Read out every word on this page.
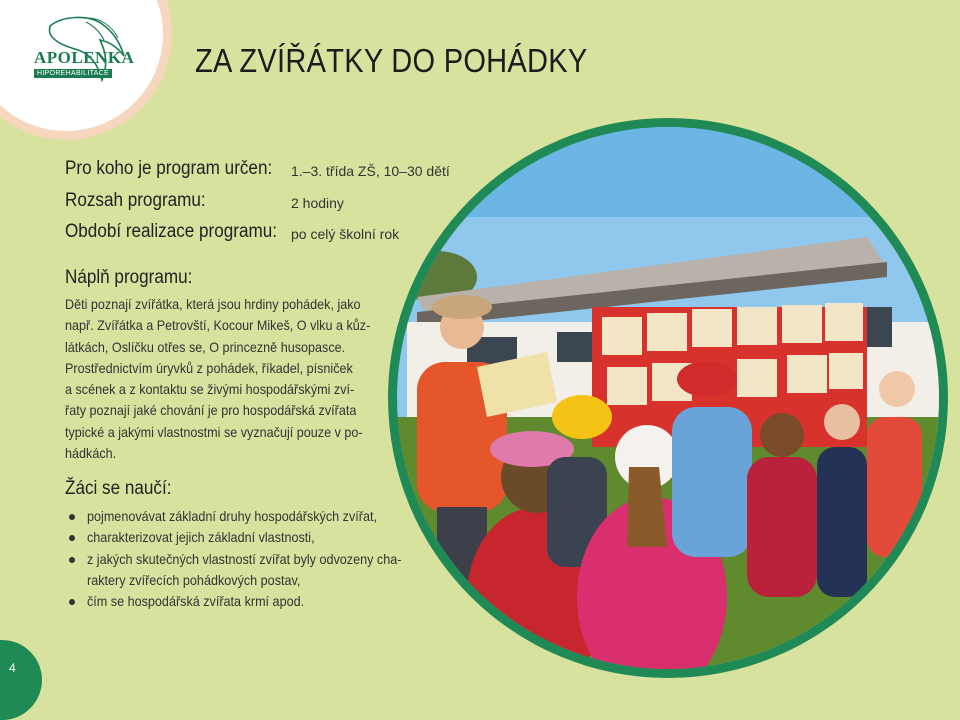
APOLENKA
HIPOREHABILITACE	ZA ZVÍŘÁTKY DO POHÁDKY
Pro koho je program určen: 1.–3. třída ZŠ, 10–30 dětí
Rozsah programu:	2 hodiny
Období realizace programu: po celý školní rok
Náplň programu:
Děti poznají zvířátka, která jsou hrdiny pohádek, jako
např. Zvířátka a Petrovští, Kocour Mikeš, O vlku a kůz-
látkách, Oslíčku otřes se, O princezně husopasce.
Prostřednictvím úryvků z pohádek, říkadel, písniček
a scének a z kontaktu se živými hospodářskými zví-
řaty poznají jaké chování je pro hospodářská zvířata
typické a jakými vlastnostmi se vyznačují pouze v po-
hádkách.
Žáci se naučí:
pojmenovávat základní druhy hospodářských zvířat,
charakterizovat jejich základní vlastnosti,
z jakých skutečných vlastností zvířat byly odvozeny cha-
raktery zvířecích pohádkových postav,
čím se hospodářská zvířata krmí apod.
4
